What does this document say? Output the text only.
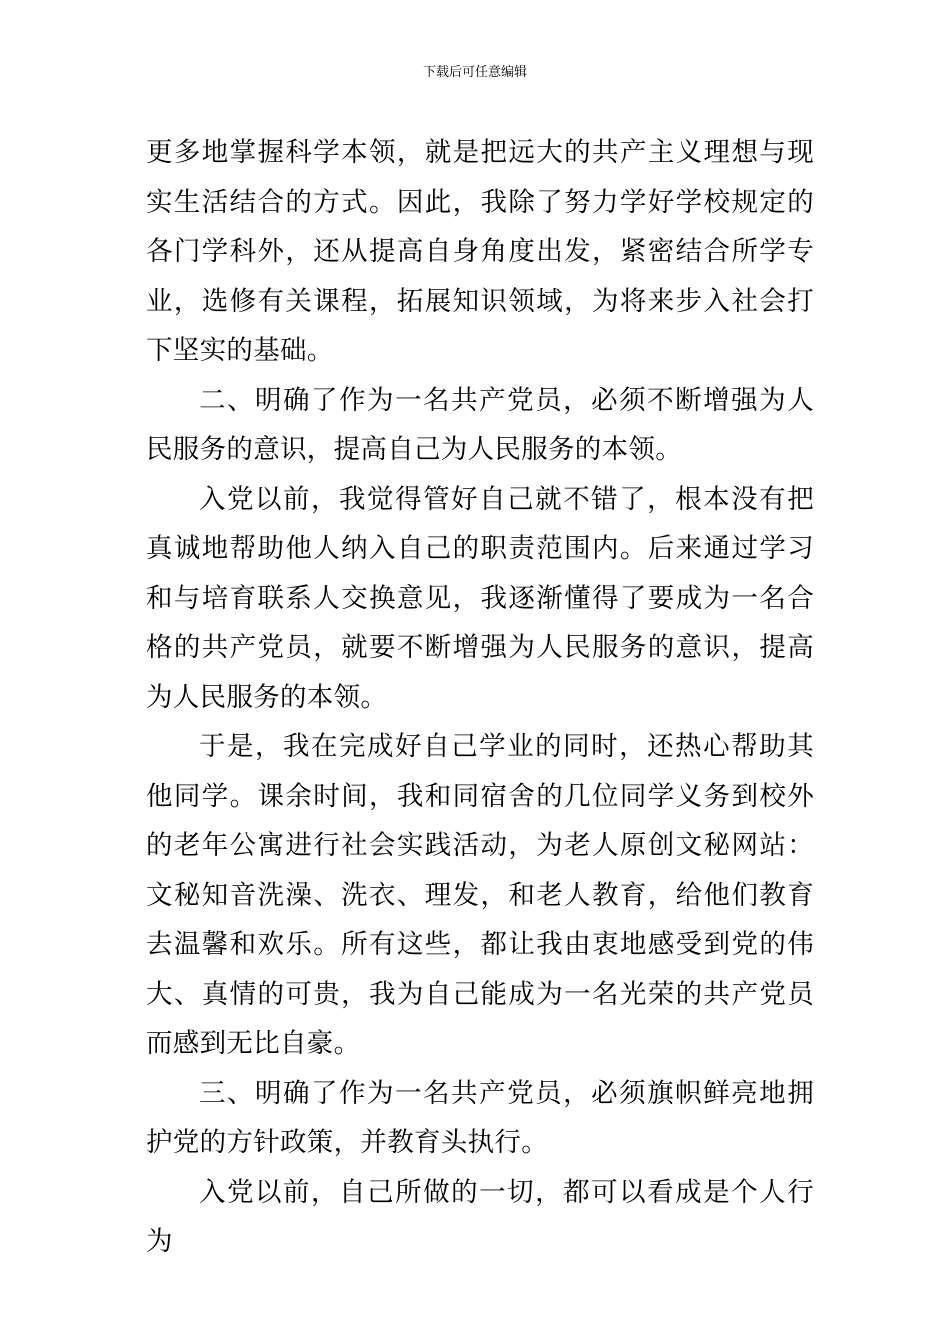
下载后可任意编辑

更多地掌握科学本领，就是把远大的共产主义理想与现实生活结合的方式。因此，我除了努力学好学校规定的各门学科外，还从提高自身角度出发，紧密结合所学专业，选修有关课程，拓展知识领域，为将来步入社会打下坚实的基础。

二、明确了作为一名共产党员，必须不断增强为人民服务的意识，提高自己为人民服务的本领。

入党以前，我觉得管好自己就不错了，根本没有把真诚地帮助他人纳入自己的职责范围内。后来通过学习和与培育联系人交换意见，我逐渐懂得了要成为一名合格的共产党员，就要不断增强为人民服务的意识，提高为人民服务的本领。

于是，我在完成好自己学业的同时，还热心帮助其他同学。课余时间，我和同宿舍的几位同学义务到校外的老年公寓进行社会实践活动，为老人原创文秘网站：文秘知音洗澡、洗衣、理发，和老人教育，给他们教育去温馨和欢乐。所有这些，都让我由衷地感受到党的伟大、真情的可贵，我为自己能成为一名光荣的共产党员而感到无比自豪。

三、明确了作为一名共产党员，必须旗帜鲜亮地拥护党的方针政策，并教育头执行。

入党以前，自己所做的一切，都可以看成是个人行为
